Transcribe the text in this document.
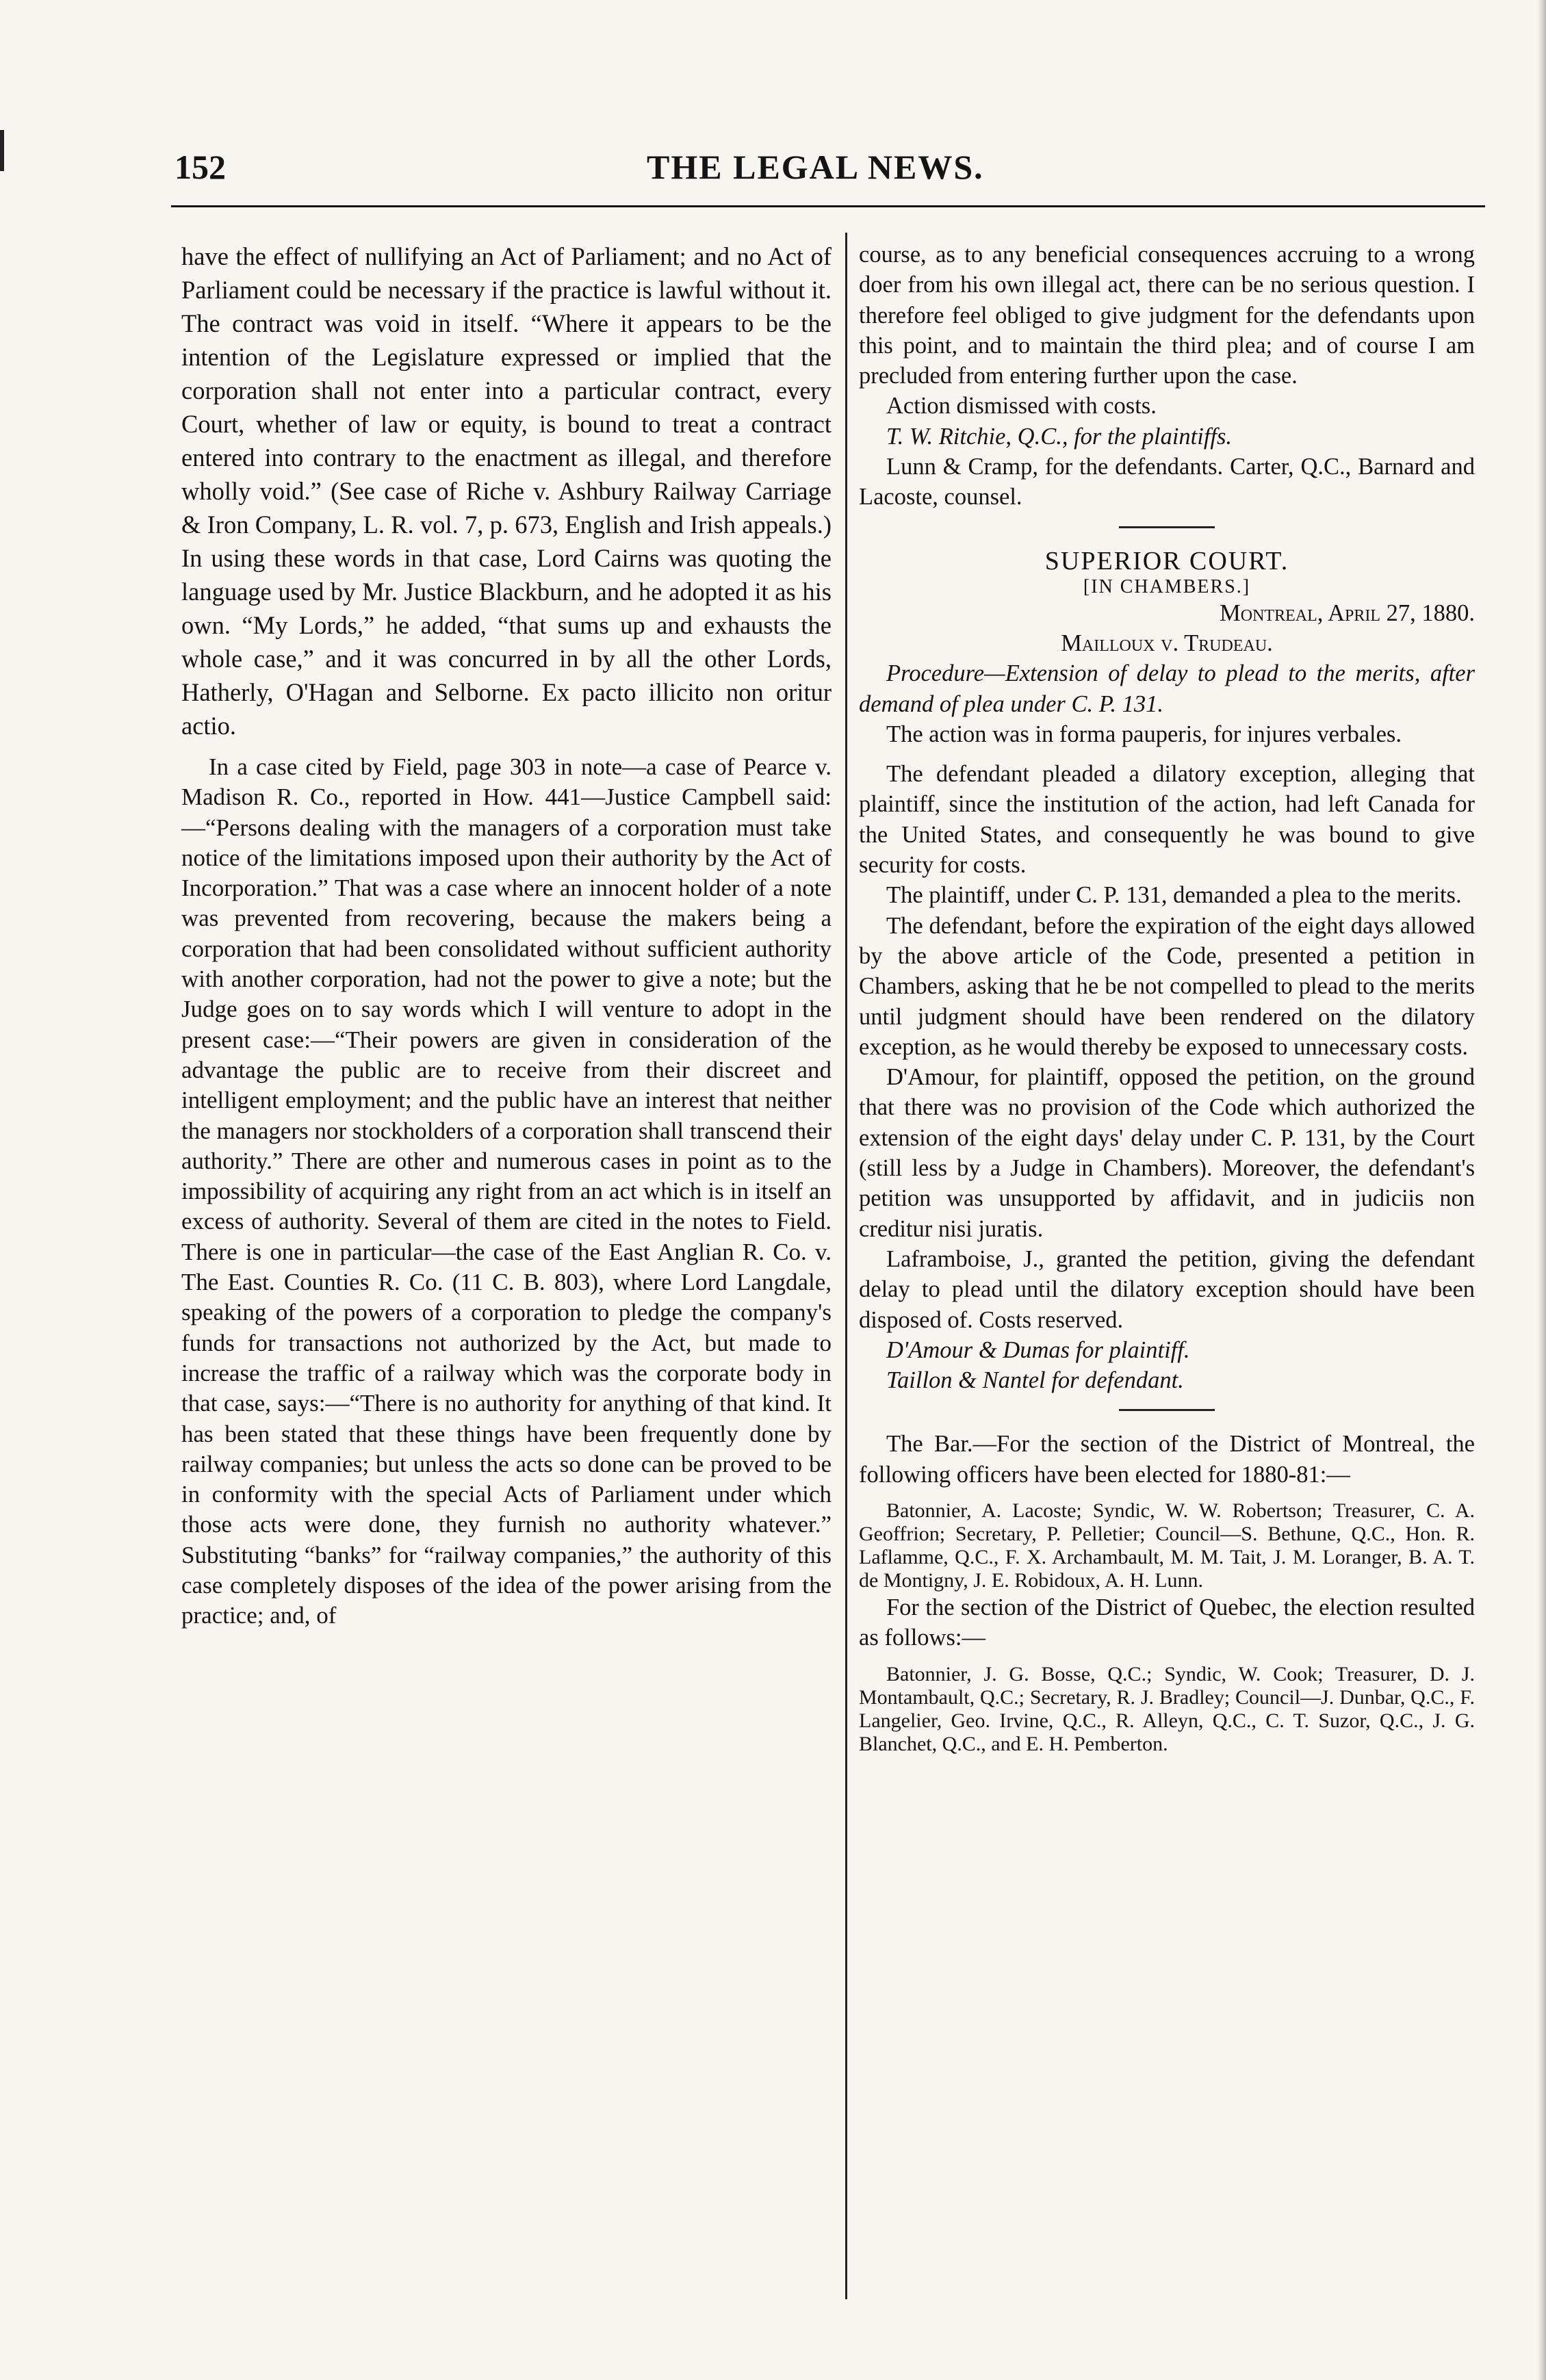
152	THE LEGAL NEWS.

have the effect of nullifying an Act of Parliament; and no Act of Parliament could be necessary if the practice is lawful without it. The contract was void in itself. “Where it appears to be the intention of the Legislature expressed or implied that the corporation shall not enter into a particular contract, every Court, whether of law or equity, is bound to treat a contract entered into contrary to the enactment as illegal, and therefore wholly void.” (See case of Riche v. Ashbury Railway Carriage & Iron Company, L. R. vol. 7, p. 673, English and Irish appeals.) In using these words in that case, Lord Cairns was quoting the language used by Mr. Justice Blackburn, and he adopted it as his own. “My Lords,” he added, “that sums up and exhausts the whole case,” and it was concurred in by all the other Lords, Hatherly, O'Hagan and Selborne. Ex pacto illicito non oritur actio.

In a case cited by Field, page 303 in note—a case of Pearce v. Madison R. Co., reported in How. 441—Justice Campbell said:—“Persons dealing with the managers of a corporation must take notice of the limitations imposed upon their authority by the Act of Incorporation.” That was a case where an innocent holder of a note was prevented from recovering, because the makers being a corporation that had been consolidated without sufficient authority with another corporation, had not the power to give a note; but the Judge goes on to say words which I will venture to adopt in the present case:—“Their powers are given in consideration of the advantage the public are to receive from their discreet and intelligent employment; and the public have an interest that neither the managers nor stockholders of a corporation shall transcend their authority.” There are other and numerous cases in point as to the impossibility of acquiring any right from an act which is in itself an excess of authority. Several of them are cited in the notes to Field. There is one in particular—the case of the East Anglian R. Co. v. The East. Counties R. Co. (11 C. B. 803), where Lord Langdale, speaking of the powers of a corporation to pledge the company's funds for transactions not authorized by the Act, but made to increase the traffic of a railway which was the corporate body in that case, says:—“There is no authority for anything of that kind. It has been stated that these things have been frequently done by railway companies; but unless the acts so done can be proved to be in conformity with the special Acts of Parliament under which those acts were done, they furnish no authority whatever.” Substituting “banks” for “railway companies,” the authority of this case completely disposes of the idea of the power arising from the practice; and, of

course, as to any beneficial consequences accruing to a wrong doer from his own illegal act, there can be no serious question. I therefore feel obliged to give judgment for the defendants upon this point, and to maintain the third plea; and of course I am precluded from entering further upon the case.

Action dismissed with costs.

T. W. Ritchie, Q.C., for the plaintiffs.

Lunn & Cramp, for the defendants. Carter, Q.C., Barnard and Lacoste, counsel.

SUPERIOR COURT.

[IN CHAMBERS.]

Montreal, April 27, 1880.

Mailloux v. Trudeau.

Procedure—Extension of delay to plead to the merits, after demand of plea under C. P. 131.

The action was in forma pauperis, for injures verbales.

The defendant pleaded a dilatory exception, alleging that plaintiff, since the institution of the action, had left Canada for the United States, and consequently he was bound to give security for costs.

The plaintiff, under C. P. 131, demanded a plea to the merits.

The defendant, before the expiration of the eight days allowed by the above article of the Code, presented a petition in Chambers, asking that he be not compelled to plead to the merits until judgment should have been rendered on the dilatory exception, as he would thereby be exposed to unnecessary costs.

D'Amour, for plaintiff, opposed the petition, on the ground that there was no provision of the Code which authorized the extension of the eight days' delay under C. P. 131, by the Court (still less by a Judge in Chambers). Moreover, the defendant's petition was unsupported by affidavit, and in judiciis non creditur nisi juratis.

Laframboise, J., granted the petition, giving the defendant delay to plead until the dilatory exception should have been disposed of. Costs reserved.

D'Amour & Dumas for plaintiff.

Taillon & Nantel for defendant.

The Bar.—For the section of the District of Montreal, the following officers have been elected for 1880-81:—

Batonnier, A. Lacoste; Syndic, W. W. Robertson; Treasurer, C. A. Geoffrion; Secretary, P. Pelletier; Council—S. Bethune, Q.C., Hon. R. Laflamme, Q.C., F. X. Archambault, M. M. Tait, J. M. Loranger, B. A. T. de Montigny, J. E. Robidoux, A. H. Lunn.

For the section of the District of Quebec, the election resulted as follows:—

Batonnier, J. G. Bosse, Q.C.; Syndic, W. Cook; Treasurer, D. J. Montambault, Q.C.; Secretary, R. J. Bradley; Council—J. Dunbar, Q.C., F. Langelier, Geo. Irvine, Q.C., R. Alleyn, Q.C., C. T. Suzor, Q.C., J. G. Blanchet, Q.C., and E. H. Pemberton.
